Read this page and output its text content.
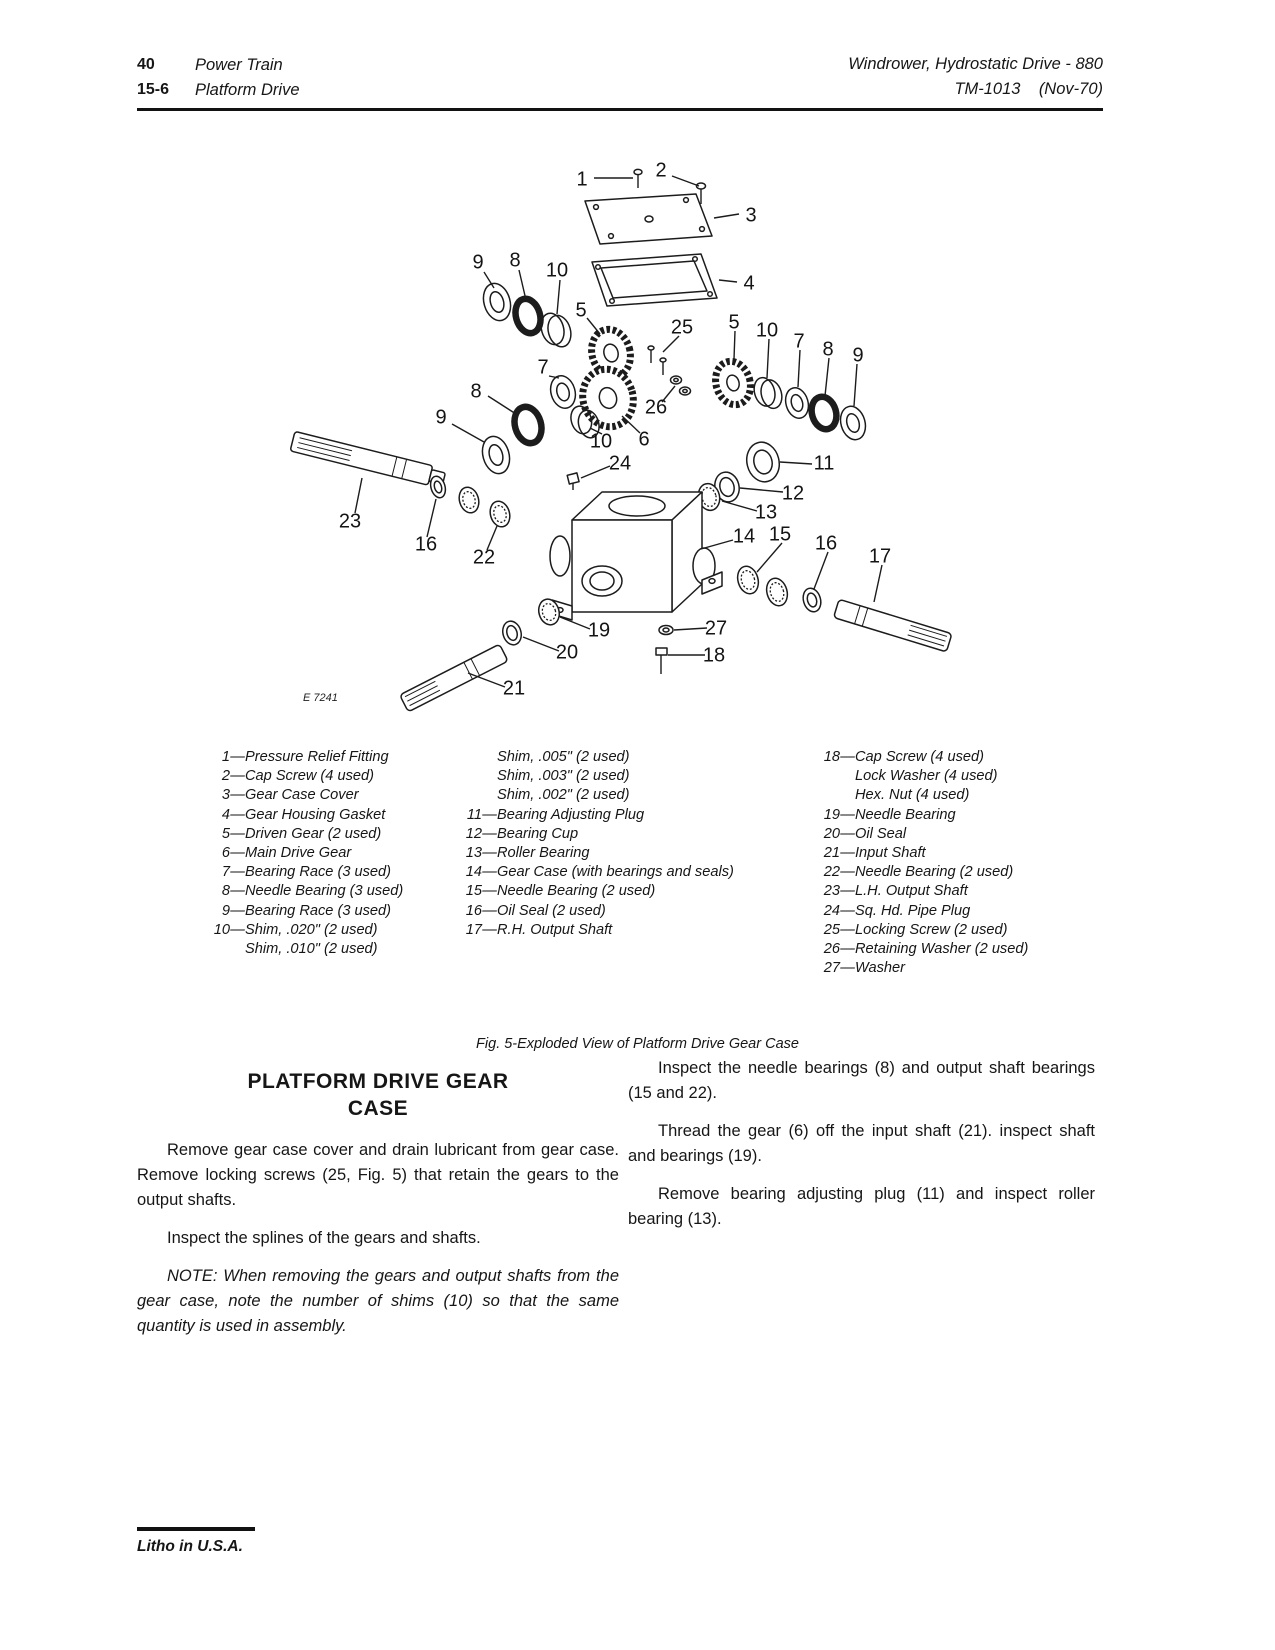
40	Power Train	Windrower, Hydrostatic Drive - 880
15-6	Platform Drive	TM-1013 (Nov-70)
1	2
3
4
9 8 10
5
7
8
9
6
10
25
26
5 10 7 8 9
11
12
13
24
14 15 16
17
23
16
22
19
20
21
27
18
E 7241
1 — Pressure Relief Fitting
2 — Cap Screw (4 used)
3 — Gear Case Cover
4 — Gear Housing Gasket
5 — Driven Gear (2 used)
6 — Main Drive Gear
7 — Bearing Race (3 used)
8 — Needle Bearing (3 used)
9 — Bearing Race (3 used)
10 — Shim, .020" (2 used)
Shim, .010" (2 used)
Shim, .005" (2 used)
Shim, .003" (2 used)
Shim, .002" (2 used)
11 — Bearing Adjusting Plug
12 — Bearing Cup
13 — Roller Bearing
14 — Gear Case (with bearings and seals)
15 — Needle Bearing (2 used)
16 — Oil Seal (2 used)
17 — R.H. Output Shaft
18 — Cap Screw (4 used)
Lock Washer (4 used)
Hex. Nut (4 used)
19 — Needle Bearing
20 — Oil Seal
21 — Input Shaft
22 — Needle Bearing (2 used)
23 — L.H. Output Shaft
24 — Sq. Hd. Pipe Plug
25 — Locking Screw (2 used)
26 — Retaining Washer (2 used)
27 — Washer
Fig. 5-Exploded View of Platform Drive Gear Case
PLATFORM DRIVE GEAR
CASE

Remove gear case cover and drain lubricant from gear case. Remove locking screws (25, Fig. 5) that retain the gears to the output shafts.

Inspect the splines of the gears and shafts.

NOTE: When removing the gears and output shafts from the gear case, note the number of shims (10) so that the same quantity is used in assembly.

Inspect the needle bearings (8) and output shaft bearings (15 and 22).

Thread the gear (6) off the input shaft (21). inspect shaft and bearings (19).

Remove bearing adjusting plug (11) and inspect roller bearing (13).

Litho in U.S.A.
